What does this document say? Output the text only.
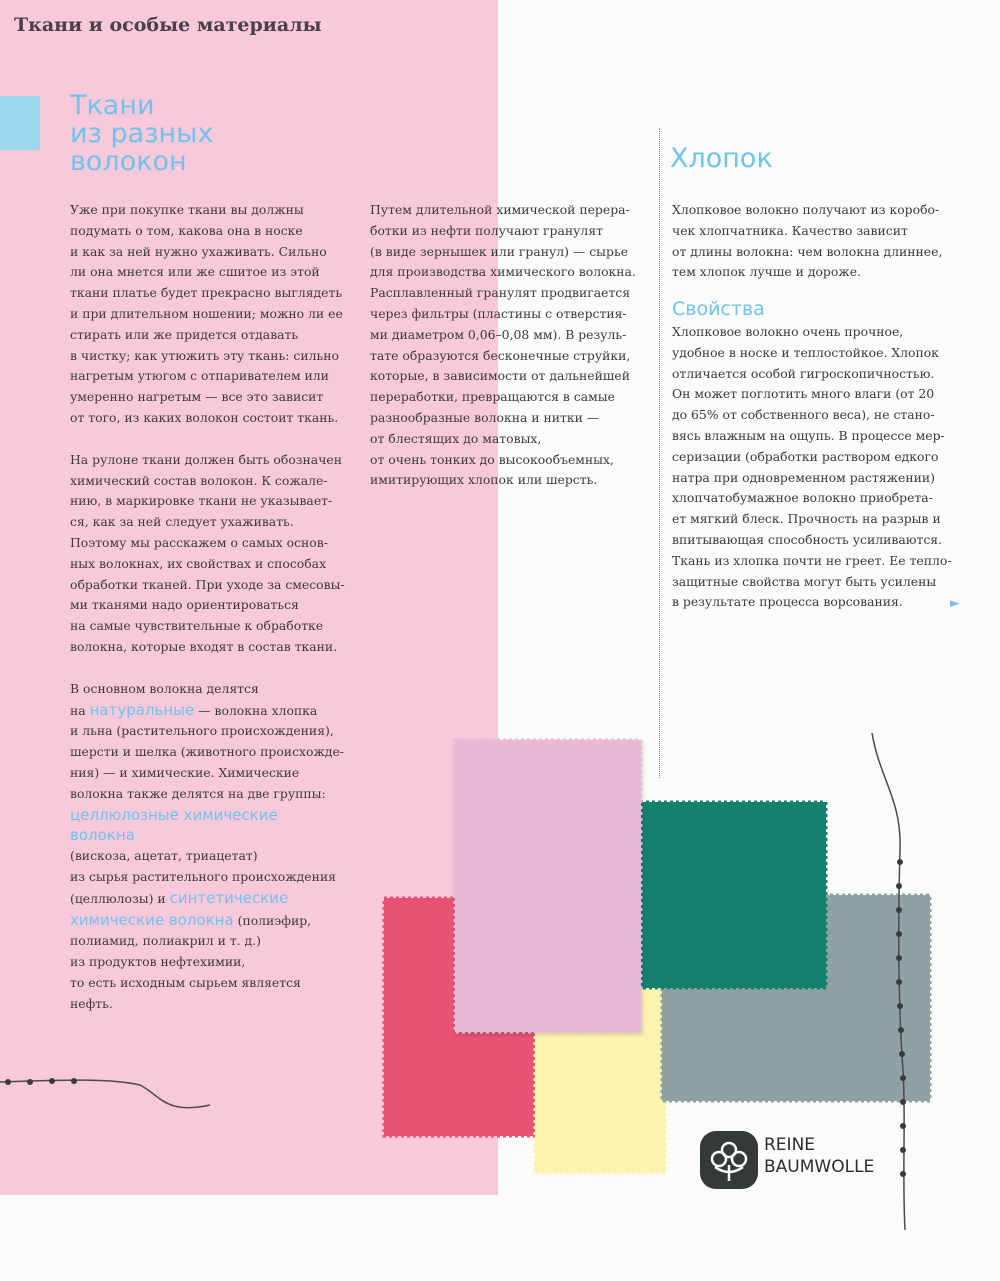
Ткани и особые материалы
Ткани
из разных
волокон

Уже при покупке ткани вы должны
подумать о том, какова она в носке
и как за ней нужно ухаживать. Сильно
ли она мнется или же сшитое из этой
ткани платье будет прекрасно выглядеть
и при длительном ношении; можно ли ее
стирать или же придется отдавать
в чистку; как утюжить эту ткань: сильно
нагретым утюгом с отпаривателем или
умеренно нагретым — все это зависит
от того, из каких волокон состоит ткань.

На рулоне ткани должен быть обозначен
химический состав волокон. К сожале-
нию, в маркировке ткани не указывает-
ся, как за ней следует ухаживать.
Поэтому мы расскажем о самых основ-
ных волокнах, их свойствах и способах
обработки тканей. При уходе за смесовы-
ми тканями надо ориентироваться
на самые чувствительные к обработке
волокна, которые входят в состав ткани.

В основном волокна делятся
на натуральные — волокна хлопка
и льна (растительного происхождения),
шерсти и шелка (животного происхожде-
ния) — и химические. Химические
волокна также делятся на две группы:
целлюлозные химические
волокна
(вискоза, ацетат, триацетат)
из сырья растительного происхождения
(целлюлозы) и синтетические
химические волокна (полиэфир,
полиамид, полиакрил и т. д.)
из продуктов нефтехимии,
то есть исходным сырьем является
нефть.

Путем длительной химической перера-
ботки из нефти получают гранулят
(в виде зернышек или гранул) — сырье
для производства химического волокна.
Расплавленный гранулят продвигается
через фильтры (пластины с отверстия-
ми диаметром 0,06–0,08 мм). В резуль-
тате образуются бесконечные струйки,
которые, в зависимости от дальнейшей
переработки, превращаются в самые
разнообразные волокна и нитки —
от блестящих до матовых,
от очень тонких до высокообъемных,
имитирующих хлопок или шерсть.

Хлопок

Хлопковое волокно получают из коробо-
чек хлопчатника. Качество зависит
от длины волокна: чем волокна длиннее,
тем хлопок лучше и дороже.

Свойства

Хлопковое волокно очень прочное,
удобное в носке и теплостойкое. Хлопок
отличается особой гигроскопичностью.
Он может поглотить много влаги (от 20
до 65% от собственного веса), не стано-
вясь влажным на ощупь. В процессе мер-
серизации (обработки раствором едкого
натра при одновременном растяжении)
хлопчатобумажное волокно приобрета-
ет мягкий блеск. Прочность на разрыв и
впитывающая способность усиливаются.
Ткань из хлопка почти не греет. Ее тепло-
защитные свойства могут быть усилены
в результате процесса ворсования.	►
REINE
BAUMWOLLE
